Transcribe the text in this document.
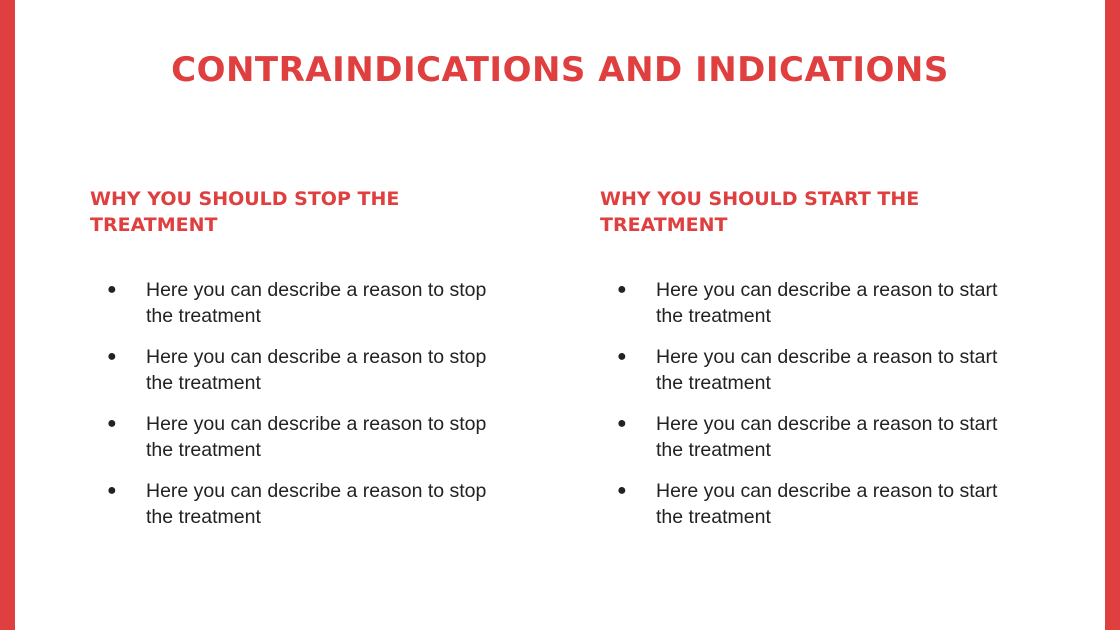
CONTRAINDICATIONS AND INDICATIONS
WHY YOU SHOULD STOP THE TREATMENT
● Here you can describe a reason to stop the treatment
● Here you can describe a reason to stop the treatment
● Here you can describe a reason to stop the treatment
● Here you can describe a reason to stop the treatment
WHY YOU SHOULD START THE TREATMENT
● Here you can describe a reason to start the treatment
● Here you can describe a reason to start the treatment
● Here you can describe a reason to start the treatment
● Here you can describe a reason to start the treatment
